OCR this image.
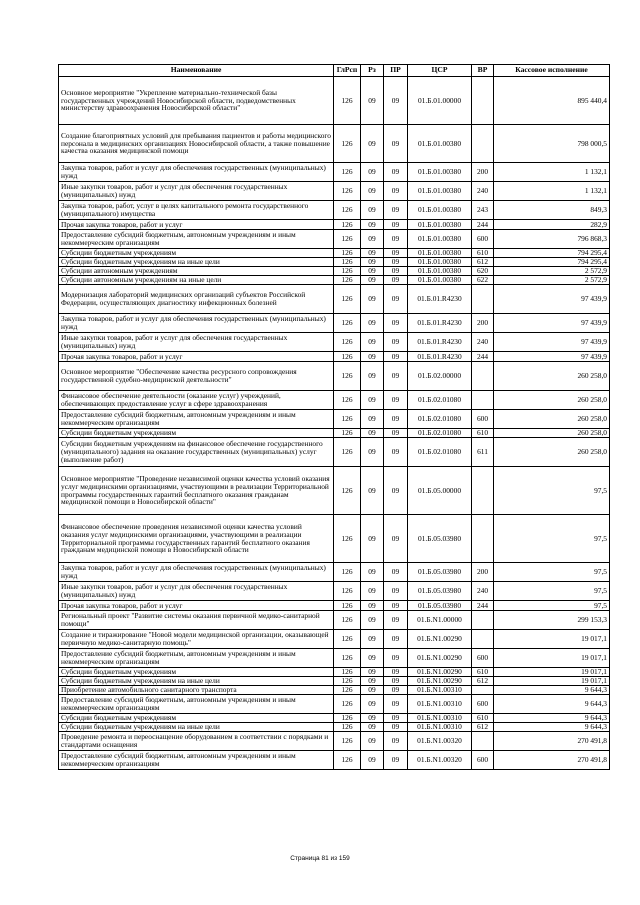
Наименование	ГлРсп	Рз	ПР	ЦСР	ВР	Кассовое исполнение
Основное мероприятие "Укрепление материально-технической базы государственных учреждений Новосибирской области, подведомственных министерству здравоохранения Новосибирской области"	126	09	09	01.Б.01.00000		895 440,4
Создание благоприятных условий для пребывания пациентов и работы медицинского персонала в медицинских организациях Новосибирской области, а также повышение качества оказания медицинской помощи	126	09	09	01.Б.01.00380		798 000,5
Закупка товаров, работ и услуг для обеспечения государственных (муниципальных) нужд	126	09	09	01.Б.01.00380	200	1 132,1
Иные закупки товаров, работ и услуг для обеспечения государственных (муниципальных) нужд	126	09	09	01.Б.01.00380	240	1 132,1
Закупка товаров, работ, услуг в целях капитального ремонта государственного (муниципального) имущества	126	09	09	01.Б.01.00380	243	849,3
Прочая закупка товаров, работ и услуг	126	09	09	01.Б.01.00380	244	282,9
Предоставление субсидий бюджетным, автономным учреждениям и иным некоммерческим организациям	126	09	09	01.Б.01.00380	600	796 868,3
Субсидии бюджетным учреждениям	126	09	09	01.Б.01.00380	610	794 295,4
Субсидии бюджетным учреждениям на иные цели	126	09	09	01.Б.01.00380	612	794 295,4
Субсидии автономным учреждениям	126	09	09	01.Б.01.00380	620	2 572,9
Субсидии автономным учреждениям на иные цели	126	09	09	01.Б.01.00380	622	2 572,9
Модернизация лабораторий медицинских организаций субъектов Российской Федерации, осуществляющих диагностику инфекционных болезней	126	09	09	01.Б.01.R4230		97 439,9
Закупка товаров, работ и услуг для обеспечения государственных (муниципальных) нужд	126	09	09	01.Б.01.R4230	200	97 439,9
Иные закупки товаров, работ и услуг для обеспечения государственных (муниципальных) нужд	126	09	09	01.Б.01.R4230	240	97 439,9
Прочая закупка товаров, работ и услуг	126	09	09	01.Б.01.R4230	244	97 439,9
Основное мероприятие "Обеспечение качества ресурсного сопровождения государственной судебно-медицинской деятельности"	126	09	09	01.Б.02.00000		260 258,0
Финансовое обеспечение деятельности (оказание услуг) учреждений, обеспечивающих предоставление услуг в сфере здравоохранения	126	09	09	01.Б.02.01080		260 258,0
Предоставление субсидий бюджетным, автономным учреждениям и иным некоммерческим организациям	126	09	09	01.Б.02.01080	600	260 258,0
Субсидии бюджетным учреждениям	126	09	09	01.Б.02.01080	610	260 258,0
Субсидии бюджетным учреждениям на финансовое обеспечение государственного (муниципального) задания на оказание государственных (муниципальных) услуг (выполнение работ)	126	09	09	01.Б.02.01080	611	260 258,0
Основное мероприятие "Проведение независимой оценки качества условий оказания услуг медицинскими организациями, участвующими в реализации Территориальной программы государственных гарантий бесплатного оказания гражданам медицинской помощи в Новосибирской области"	126	09	09	01.Б.05.00000		97,5
Финансовое обеспечение проведения независимой оценки качества условий оказания услуг медицинскими организациями, участвующими в реализации Территориальной программы государственных гарантий бесплатного оказания гражданам медицинской помощи в Новосибирской области	126	09	09	01.Б.05.03980		97,5
Закупка товаров, работ и услуг для обеспечения государственных (муниципальных) нужд	126	09	09	01.Б.05.03980	200	97,5
Иные закупки товаров, работ и услуг для обеспечения государственных (муниципальных) нужд	126	09	09	01.Б.05.03980	240	97,5
Прочая закупка товаров, работ и услуг	126	09	09	01.Б.05.03980	244	97,5
Региональный проект "Развитие системы оказания первичной медико-санитарной помощи"	126	09	09	01.Б.N1.00000		299 153,3
Создание и тиражирование "Новой модели медицинской организации, оказывающей первичную медико-санитарную помощь"	126	09	09	01.Б.N1.00290		19 017,1
Предоставление субсидий бюджетным, автономным учреждениям и иным некоммерческим организациям	126	09	09	01.Б.N1.00290	600	19 017,1
Субсидии бюджетным учреждениям	126	09	09	01.Б.N1.00290	610	19 017,1
Субсидии бюджетным учреждениям на иные цели	126	09	09	01.Б.N1.00290	612	19 017,1
Приобретение автомобильного санитарного транспорта	126	09	09	01.Б.N1.00310		9 644,3
Предоставление субсидий бюджетным, автономным учреждениям и иным некоммерческим организациям	126	09	09	01.Б.N1.00310	600	9 644,3
Субсидии бюджетным учреждениям	126	09	09	01.Б.N1.00310	610	9 644,3
Субсидии бюджетным учреждениям на иные цели	126	09	09	01.Б.N1.00310	612	9 644,3
Проведение ремонта и переоснащение оборудованием в соответствии с порядками и стандартами оснащения	126	09	09	01.Б.N1.00320		270 491,8
Предоставление субсидий бюджетным, автономным учреждениям и иным некоммерческим организациям	126	09	09	01.Б.N1.00320	600	270 491,8
Страница 81 из 159
